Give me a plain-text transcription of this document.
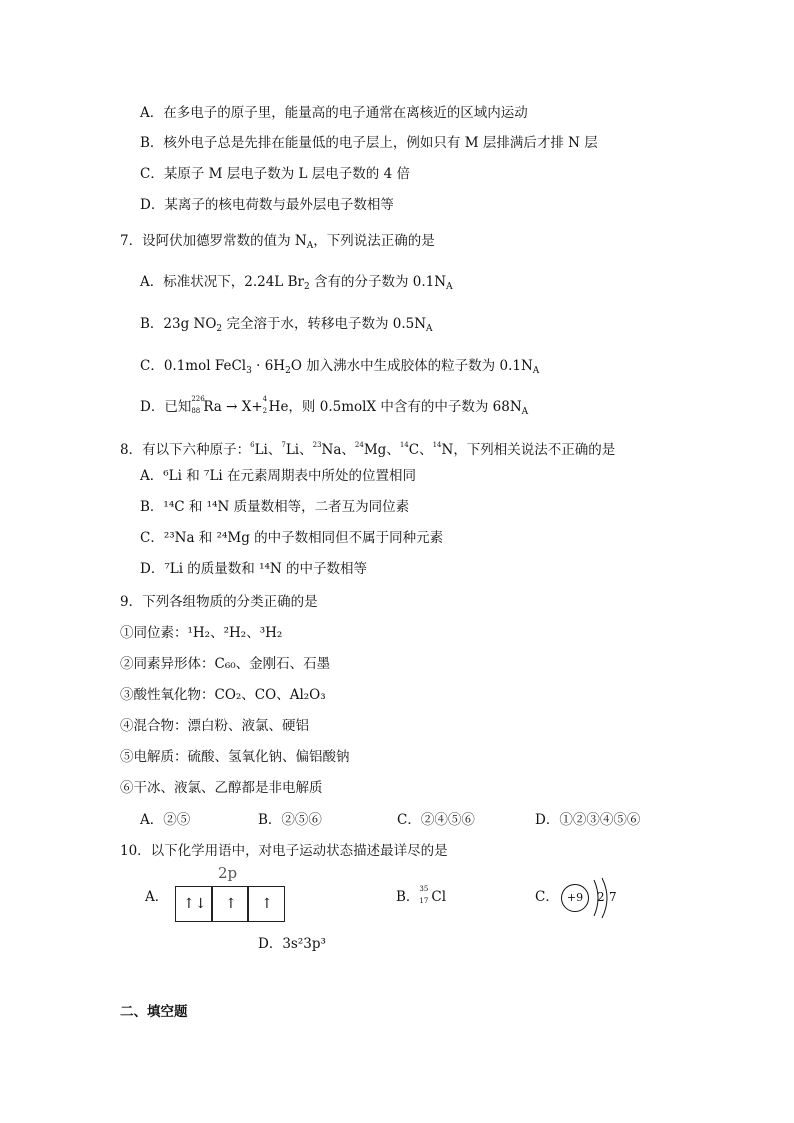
A．在多电子的原子里，能量高的电子通常在离核近的区域内运动
B．核外电子总是先排在能量低的电子层上，例如只有 M 层排满后才排 N 层
C．某原子 M 层电子数为 L 层电子数的 4 倍
D．某离子的核电荷数与最外层电子数相等
7．设阿伏加德罗常数的值为 $N_A$，下列说法正确的是
A．标准状况下，2.24L $Br_2$ 含有的分子数为 $0.1N_A$
B．23g $NO_2$ 完全溶于水，转移电子数为 $0.5N_A$
C．0.1mol FeCl$_3$ · $6H_2O$ 加入沸水中生成胶体的粒子数为 $0.1N_A$
D．已知 226
88 Ra → X+ 4
2 He，则 0.5molX 中含有的中子数为 $68N_A$
8．有以下六种原子：$^6$Li、$^7$Li、$^{23}$Na、$^{24}$Mg、$^{14}$C、$^{14}$N，下列相关说法不正确的是
A．⁶Li 和 ⁷Li 在元素周期表中所处的位置相同
B．¹⁴C 和 ¹⁴N 质量数相等，二者互为同位素
C．²³Na 和 ²⁴Mg 的中子数相同但不属于同种元素
D．⁷Li 的质量数和 ¹⁴N 的中子数相等
9．下列各组物质的分类正确的是
①同位素：¹H₂、²H₂、³H₂
②同素异形体：C₆₀、金刚石、石墨
③酸性氧化物：CO₂、CO、Al₂O₃
④混合物：漂白粉、液氯、硬铝
⑤电解质：硫酸、氢氧化钠、偏铝酸钠
⑥干冰、液氯、乙醇都是非电解质
A．②⑤	B．②⑤⑥	C．②④⑤⑥	D．①②③④⑤⑥
10．以下化学用语中，对电子运动状态描述最详尽的是
A．
2p
↑↓ ↑ ↑	B． 35
17 Cl	C． +9	2 7
D．3s²3p³
二、填空题
